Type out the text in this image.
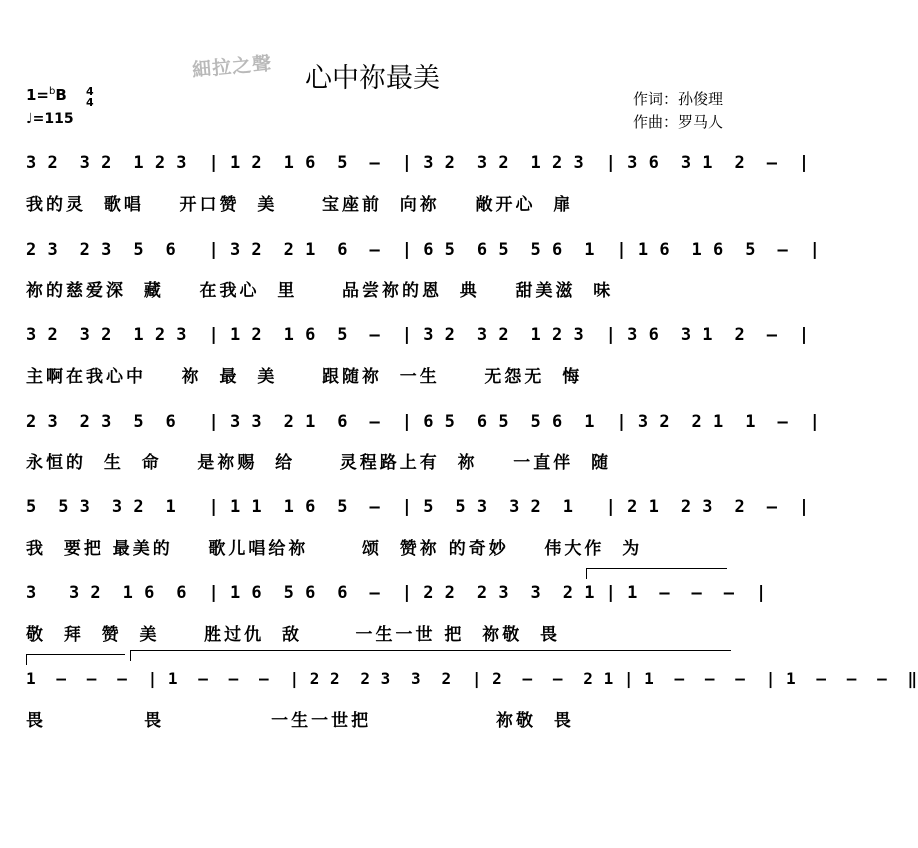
細拉之聲 心中祢最美
1=$^b$B 4
4
♩=115
作词：孙俊理
作曲：罗马人
3 2  3 2  1 2 3  | 1 2  1 6  5  –  | 3 2  3 2  1 2 3  | 3 6  3 1  2  –  |
我的灵  歌唱    开口赞  美     宝座前  向祢    敞开心  扉
2 3  2 3  5  6   | 3 2  2 1  6  –  | 6 5  6 5  5 6  1  | 1 6  1 6  5  –  |
祢的慈爱深  藏    在我心  里     品尝祢的恩  典    甜美滋  味
3 2  3 2  1 2 3  | 1 2  1 6  5  –  | 3 2  3 2  1 2 3  | 3 6  3 1  2  –  |
主啊在我心中    祢  最  美     跟随祢  一生     无怨无  悔
2 3  2 3  5  6   | 3 3  2 1  6  –  | 6 5  6 5  5 6  1  | 3 2  2 1  1  –  |
永恒的  生  命    是祢赐  给     灵程路上有  祢    一直伴  随
5  5 3  3 2  1   | 1 1  1 6  5  –  | 5  5 3  3 2  1   | 2 1  2 3  2  –  |
我  要把 最美的    歌儿唱给祢      颂  赞祢 的奇妙    伟大作  为
3   3 2  1 6  6  | 1 6  5 6  6  –  | 2 2  2 3  3  2 1 | 1  –  –  –  |
敬  拜  赞  美     胜过仇  敌      一生一世 把  祢敬  畏
1  –  –  –  | 1  –  –  –  | 2 2  2 3  3  2  | 2  –  –  2 1 | 1  –  –  –  | 1  –  –  –  ‖
畏           畏            一生一世把              祢敬  畏
